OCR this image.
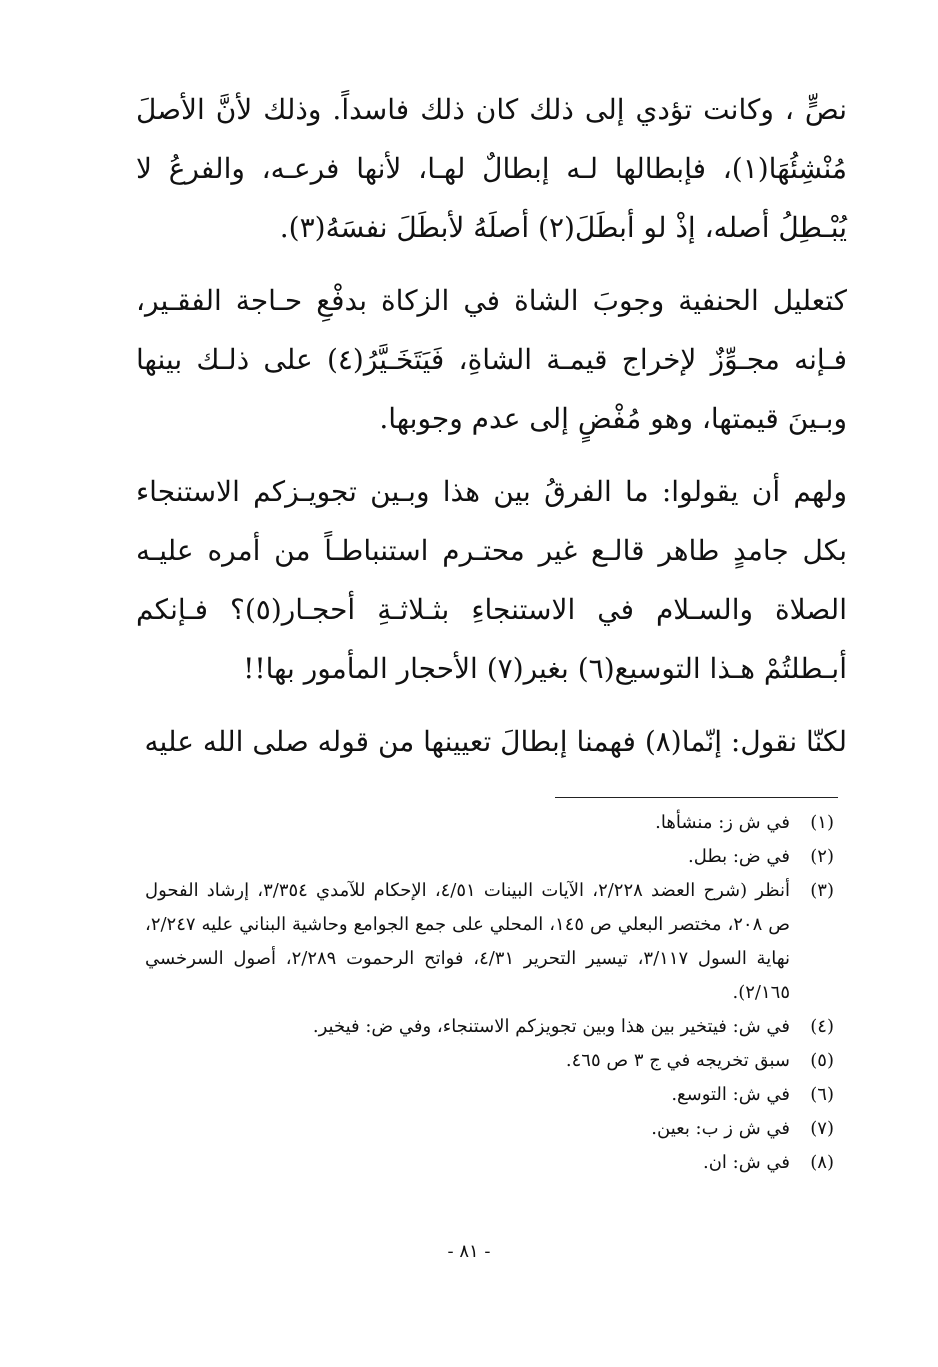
نصٍّ ، وكانت تؤدي إلى ذلك كان ذلك فاسداً. وذلك لأنَّ الأصلَ مُنْشِئُهَا(١)، فإبطالها لـه إبطالٌ لهـا، لأنها فرعـه، والفرعُ لا يُبْـطِلُ أصله، إذْ لو أبطَلَ(٢) أصلَهُ لأبطَلَ نفسَهُ(٣).

كتعليل الحنفية وجوبَ الشاة في الزكاة بدفْعِ حـاجة الفقـير، فـإنه مجـوِّزٌ لإخراج قيمـة الشاةِ، فَيَتَخَـيَّرُ(٤) على ذلـك بينها وبـينَ قيمتها، وهو مُفْضٍ إلى عدم وجوبها.

ولهم أن يقولوا: ما الفرقُ بين هذا وبـين تجويـزكم الاستنجاء بكل جامدٍ طاهر قالـع غير محتـرم استنباطـاً من أمره عليـه الصلاة والسـلام في الاستنجاءِ بثـلاثـةِ أحجـار(٥)؟ فـإنكم أبـطلتُمْ هـذا التوسيع(٦) بغير(٧) الأحجار المأمور بها!!

لكنّا نقول: إنّما(٨) فهمنا إبطالَ تعيينها من قوله صلى الله عليه

(١)
في ش ز: منشأها.
(٢)
في ض: بطل.
(٣)
أنظر (شرح العضد ٢/٢٢٨، الآيات البينات ٤/٥١، الإحكام للآمدي ٣/٣٥٤، إرشاد الفحول ص ٢٠٨، مختصر البعلي ص ١٤٥، المحلي على جمع الجوامع وحاشية البناني عليه ٢/٢٤٧، نهاية السول ٣/١١٧، تيسير التحرير ٤/٣١، فواتح الرحموت ٢/٢٨٩، أصول السرخسي ٢/١٦٥).
(٤)
في ش: فيتخير بين هذا وبين تجويزكم الاستنجاء، وفي ض: فيخير.
(٥)
سبق تخريجه في ج ٣ ص ٤٦٥.
(٦)
في ش: التوسع.
(٧)
في ش ز ب: بعين.
(٨)
في ش: ان.
- ٨١ -
